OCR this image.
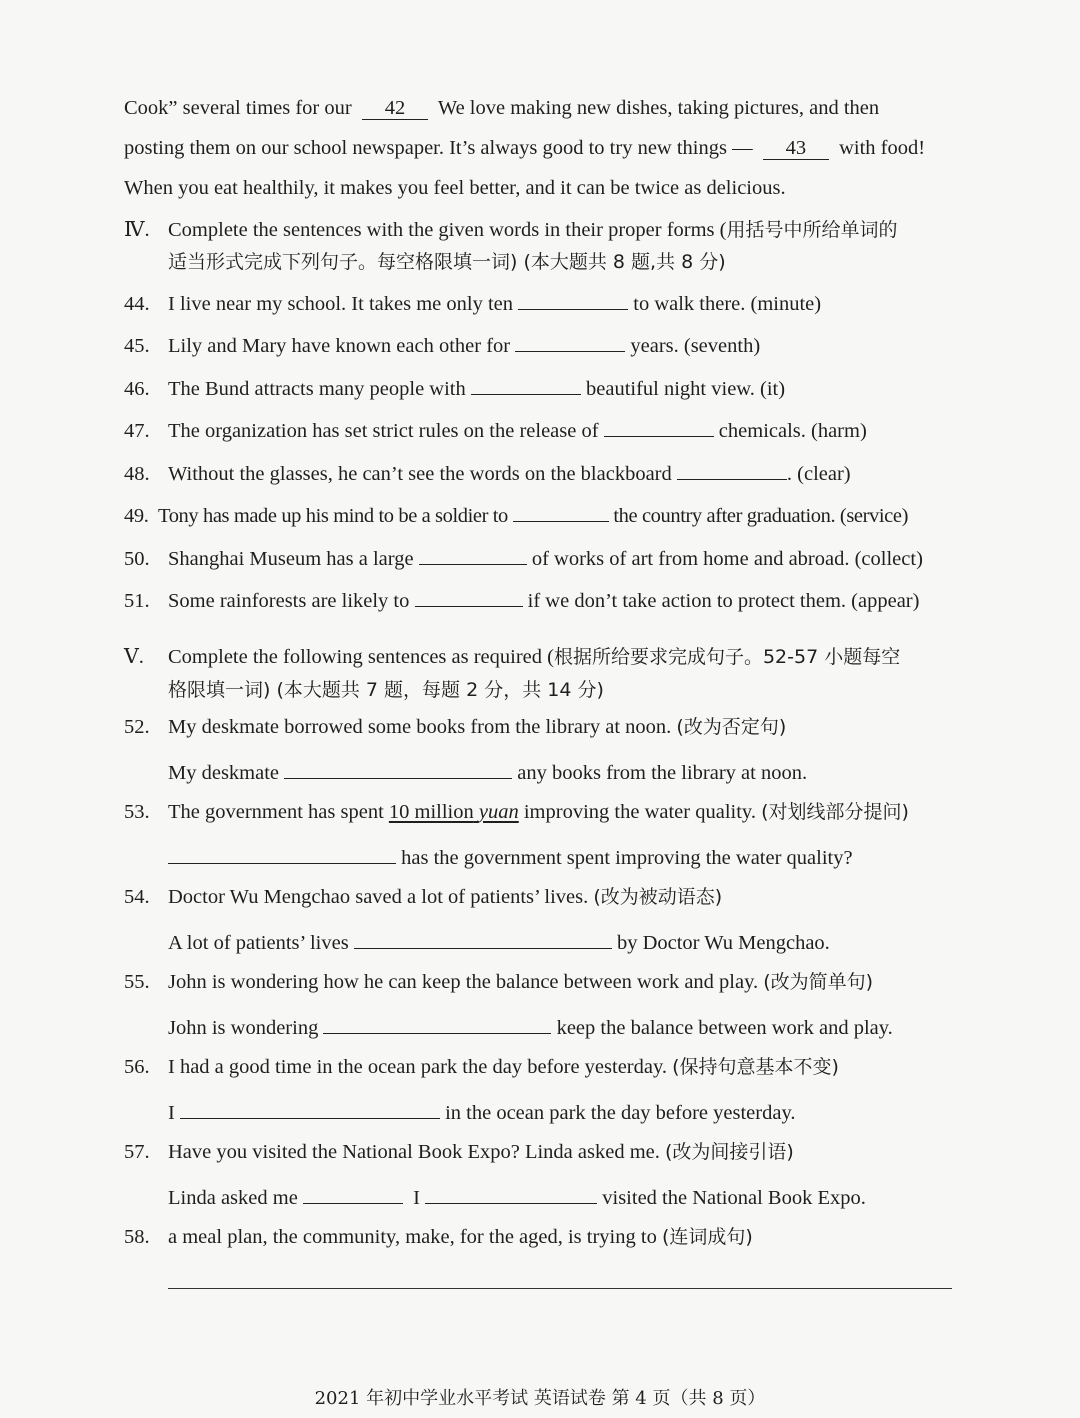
Cook” several times for our 42 We love making new dishes, taking pictures, and then
posting them on our school newspaper. It’s always good to try new things — 43 with food!
When you eat healthily, it makes you feel better, and it can be twice as delicious.
Ⅳ. Complete the sentences with the given words in their proper forms (用括号中所给单词的
适当形式完成下列句子。每空格限填一词) (本大题共 8 题,共 8 分)
44. I live near my school. It takes me only ten	to walk there. (minute)
45. Lily and Mary have known each other for	years. (seventh)
46. The Bund attracts many people with	beautiful night view. (it)
47. The organization has set strict rules on the release of	chemicals. (harm)
48. Without the glasses, he can’t see the words on the blackboard	. (clear)
49. Tony has made up his mind to be a soldier to	the country after graduation. (service)
50. Shanghai Museum has a large	of works of art from home and abroad. (collect)
51. Some rainforests are likely to	if we don’t take action to protect them. (appear)
Ⅴ. Complete the following sentences as required (根据所给要求完成句子。52-57 小题每空
格限填一词) (本大题共 7 题，每题 2 分，共 14 分)
52. My deskmate borrowed some books from the library at noon. (改为否定句)
My deskmate	any books from the library at noon.
53. The government has spent 10 million yuan improving the water quality. (对划线部分提问)
has the government spent improving the water quality?
54. Doctor Wu Mengchao saved a lot of patients’ lives. (改为被动语态)
A lot of patients’ lives	by Doctor Wu Mengchao.
55. John is wondering how he can keep the balance between work and play. (改为简单句)
John is wondering	keep the balance between work and play.
56. I had a good time in the ocean park the day before yesterday. (保持句意基本不变)
I	in the ocean park the day before yesterday.
57. Have you visited the National Book Expo? Linda asked me. (改为间接引语)
Linda asked me	I	visited the National Book Expo.
58. a meal plan, the community, make, for the aged, is trying to (连词成句)
2021 年初中学业水平考试 英语试卷 第 4 页（共 8 页）
